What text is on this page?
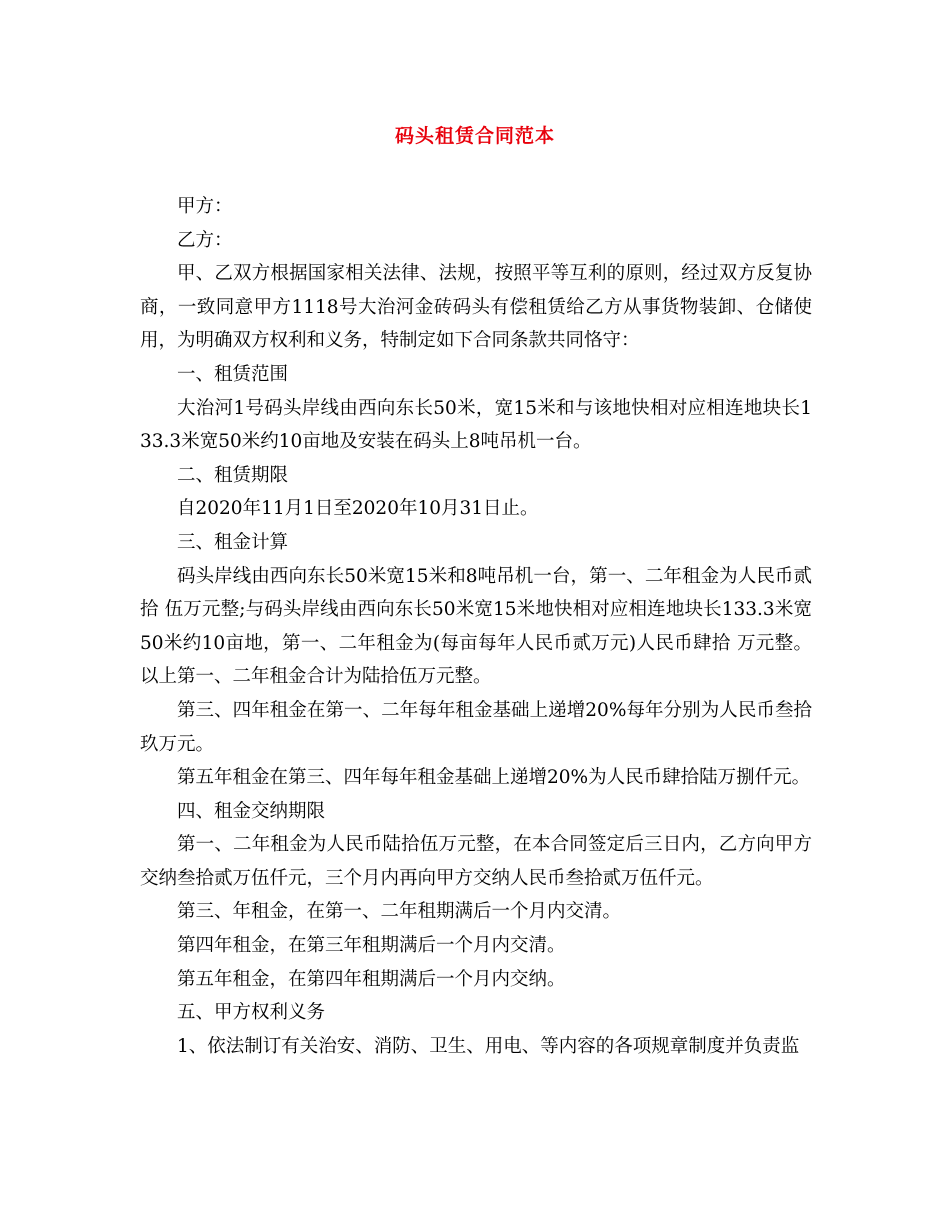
码头租赁合同范本

甲方：

乙方：

甲、乙双方根据国家相关法律、法规，按照平等互利的原则，经过双方反复协商，一致同意甲方1118号大治河金砖码头有偿租赁给乙方从事货物装卸、仓储使用，为明确双方权利和义务，特制定如下合同条款共同恪守：

一、租赁范围

大治河1号码头岸线由西向东长50米，宽15米和与该地快相对应相连地块长133.3米宽50米约10亩地及安装在码头上8吨吊机一台。

二、租赁期限

自2020年11月1日至2020年10月31日止。

三、租金计算

码头岸线由西向东长50米宽15米和8吨吊机一台，第一、二年租金为人民币贰拾 伍万元整;与码头岸线由西向东长50米宽15米地快相对应相连地块长133.3米宽50米约10亩地，第一、二年租金为(每亩每年人民币贰万元)人民币肆拾 万元整。以上第一、二年租金合计为陆拾伍万元整。

第三、四年租金在第一、二年每年租金基础上递增20%每年分别为人民币叁拾玖万元。

第五年租金在第三、四年每年租金基础上递增20%为人民币肆拾陆万捌仟元。

四、租金交纳期限

第一、二年租金为人民币陆拾伍万元整，在本合同签定后三日内，乙方向甲方交纳叁拾贰万伍仟元，三个月内再向甲方交纳人民币叁拾贰万伍仟元。

第三、年租金，在第一、二年租期满后一个月内交清。

第四年租金，在第三年租期满后一个月内交清。

第五年租金，在第四年租期满后一个月内交纳。

五、甲方权利义务

1、依法制订有关治安、消防、卫生、用电、等内容的各项规章制度并负责监
